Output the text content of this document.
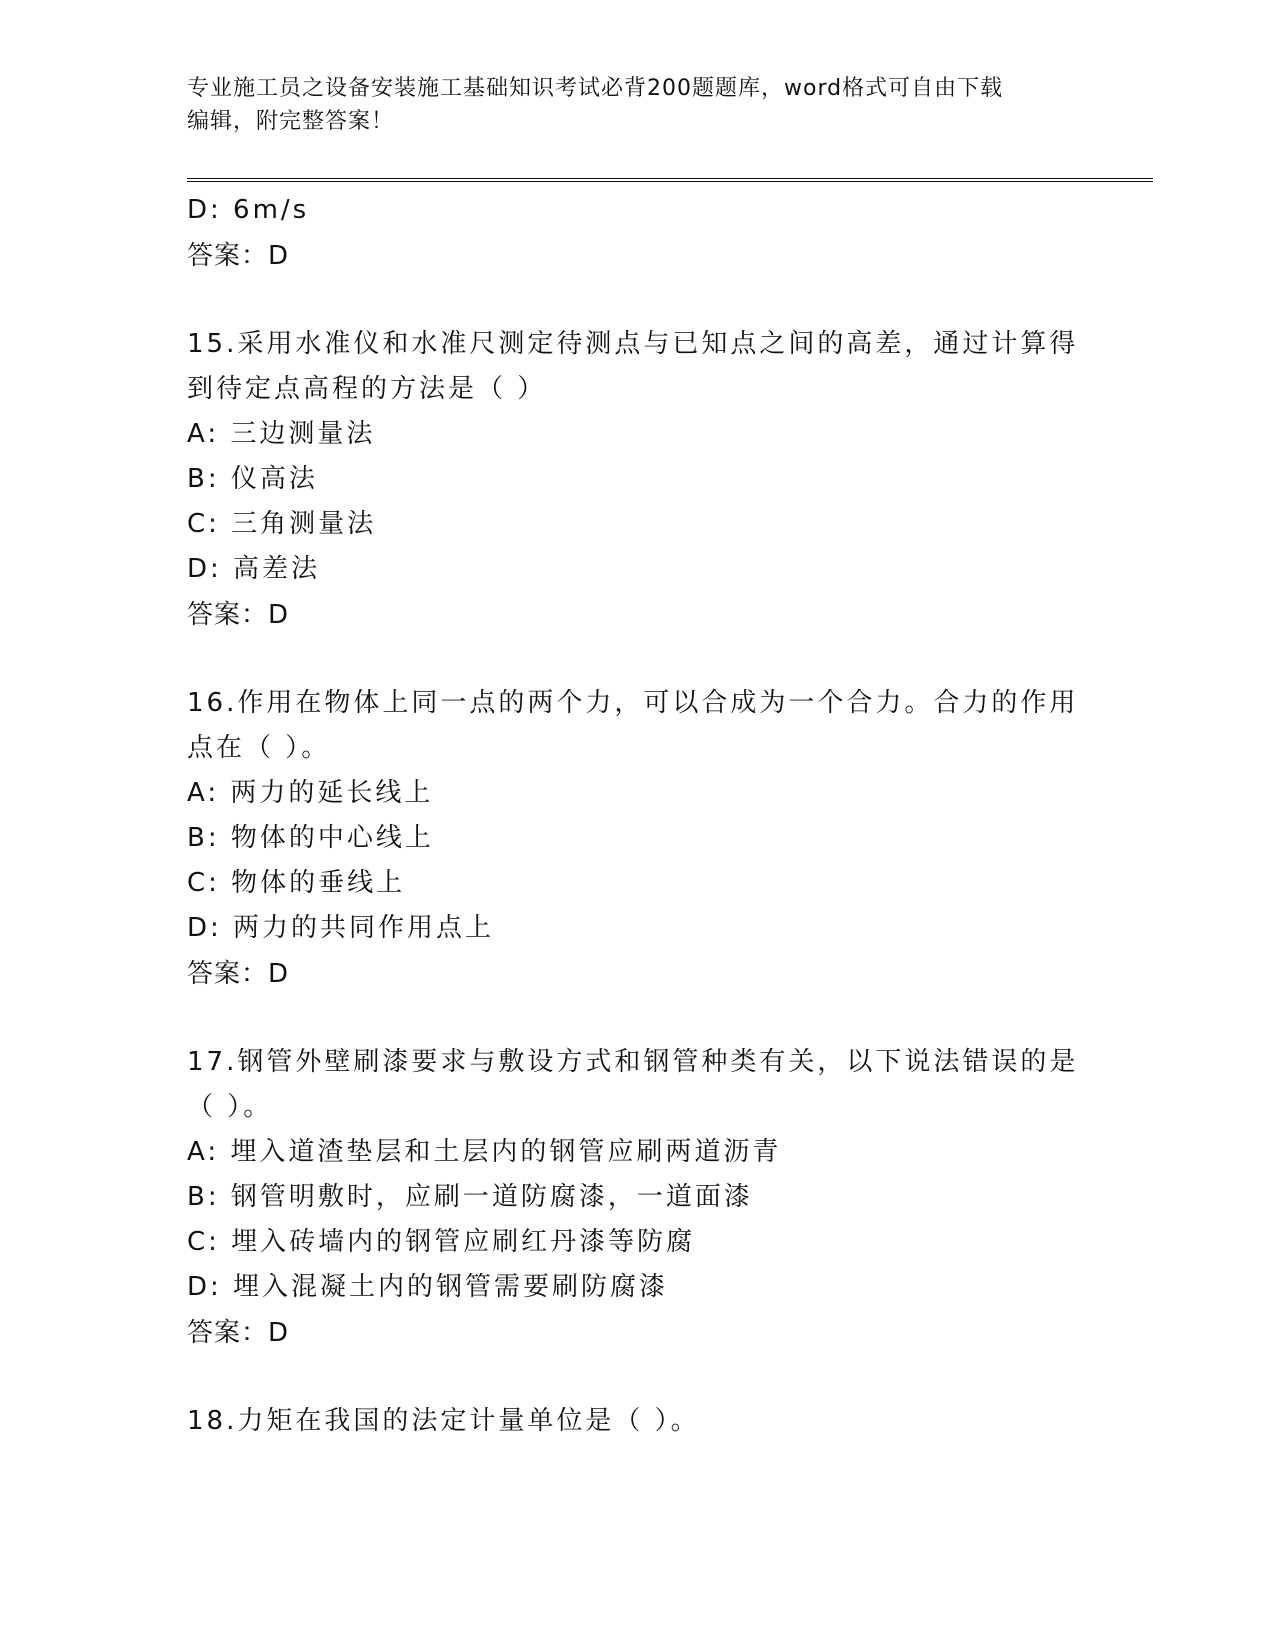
专业施工员之设备安装施工基础知识考试必背200题题库，word格式可自由下载
编辑，附完整答案！
D: 6m/s
答案：D
15.采用水准仪和水准尺测定待测点与已知点之间的高差，通过计算得
到待定点高程的方法是（ ）
A: 三边测量法
B: 仪高法
C: 三角测量法
D: 高差法
答案：D
16.作用在物体上同一点的两个力，可以合成为一个合力。合力的作用
点在（ ）。
A: 两力的延长线上
B: 物体的中心线上
C: 物体的垂线上
D: 两力的共同作用点上
答案：D
17.钢管外壁刷漆要求与敷设方式和钢管种类有关，以下说法错误的是
（ ）。
A: 埋入道渣垫层和土层内的钢管应刷两道沥青
B: 钢管明敷时，应刷一道防腐漆，一道面漆
C: 埋入砖墙内的钢管应刷红丹漆等防腐
D: 埋入混凝土内的钢管需要刷防腐漆
答案：D
18.力矩在我国的法定计量单位是（ ）。
